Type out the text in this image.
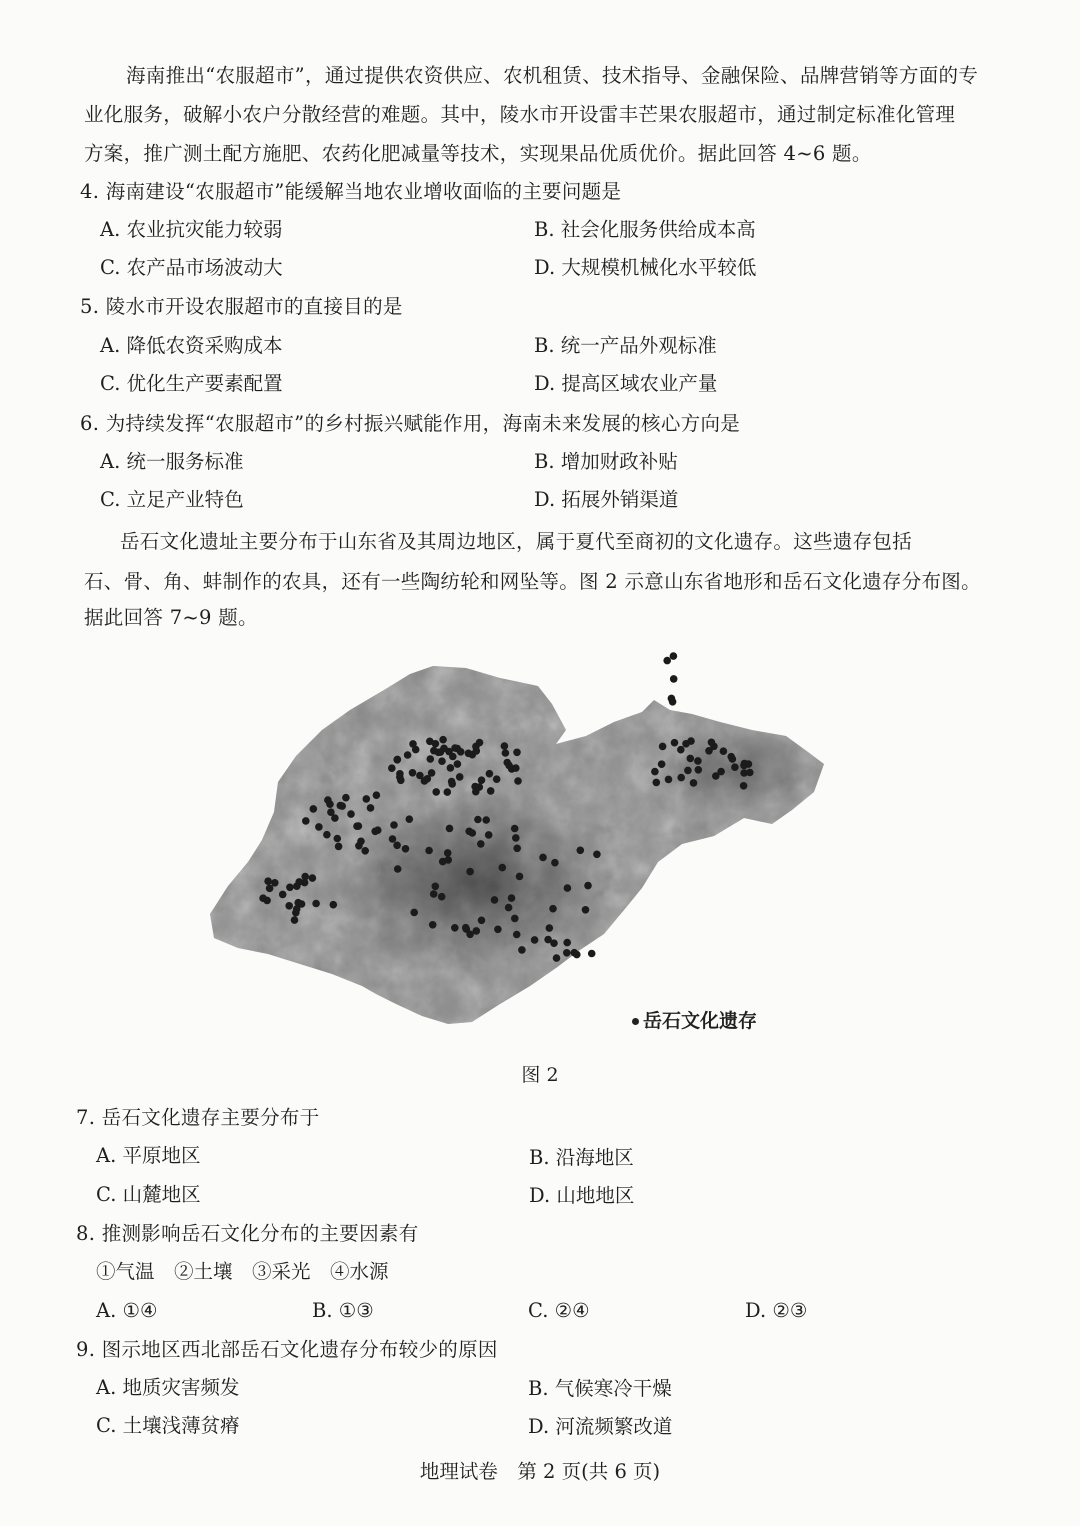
海南推出“农服超市”，通过提供农资供应、农机租赁、技术指导、金融保险、品牌营销等方面的专
业化服务，破解小农户分散经营的难题。其中，陵水市开设雷丰芒果农服超市，通过制定标准化管理
方案，推广测土配方施肥、农药化肥减量等技术，实现果品优质优价。据此回答 4~6 题。
4. 海南建设“农服超市”能缓解当地农业增收面临的主要问题是
A. 农业抗灾能力较弱	B. 社会化服务供给成本高
C. 农产品市场波动大	D. 大规模机械化水平较低
5. 陵水市开设农服超市的直接目的是
A. 降低农资采购成本	B. 统一产品外观标准
C. 优化生产要素配置	D. 提高区域农业产量
6. 为持续发挥“农服超市”的乡村振兴赋能作用，海南未来发展的核心方向是
A. 统一服务标准	B. 增加财政补贴
C. 立足产业特色	D. 拓展外销渠道
岳石文化遗址主要分布于山东省及其周边地区，属于夏代至商初的文化遗存。这些遗存包括
石、骨、角、蚌制作的农具，还有一些陶纺轮和网坠等。图 2 示意山东省地形和岳石文化遗存分布图。
据此回答 7~9 题。
岳石文化遗存
图 2
7. 岳石文化遗存主要分布于
A. 平原地区	B. 沿海地区
C. 山麓地区	D. 山地地区
8. 推测影响岳石文化分布的主要因素有
①气温　②土壤　③采光　④水源
A. ①④	B. ①③	C. ②④	D. ②③
9. 图示地区西北部岳石文化遗存分布较少的原因
A. 地质灾害频发	B. 气候寒冷干燥
C. 土壤浅薄贫瘠	D. 河流频繁改道
地理试卷　第 2 页(共 6 页)
